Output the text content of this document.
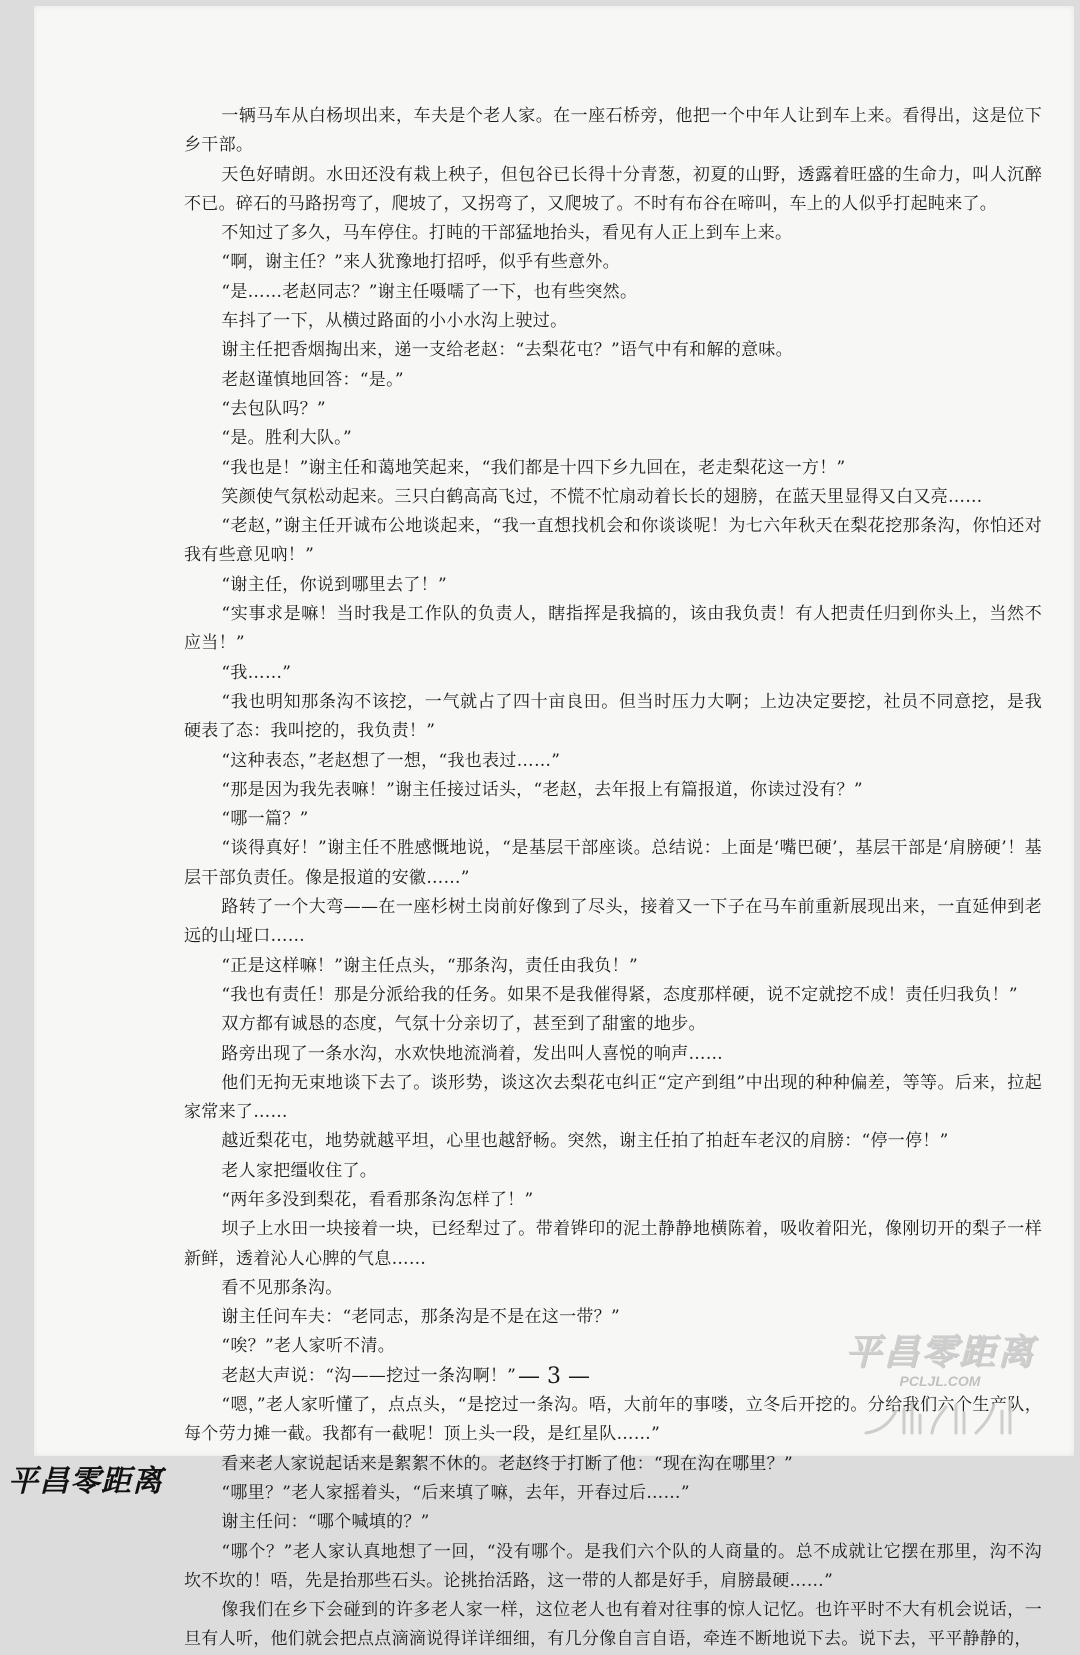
一辆马车从白杨坝出来，车夫是个老人家。在一座石桥旁，他把一个中年人让到车上来。看得出，这是位下乡干部。

天色好晴朗。水田还没有栽上秧子，但包谷已长得十分青葱，初夏的山野，透露着旺盛的生命力，叫人沉醉不已。碎石的马路拐弯了，爬坡了，又拐弯了，又爬坡了。不时有布谷在啼叫，车上的人似乎打起盹来了。

不知过了多久，马车停住。打盹的干部猛地抬头，看见有人正上到车上来。

“啊，谢主任？”来人犹豫地打招呼，似乎有些意外。

“是……老赵同志？”谢主任嗫嚅了一下，也有些突然。

车抖了一下，从横过路面的小小水沟上驶过。

谢主任把香烟掏出来，递一支给老赵：“去梨花屯？”语气中有和解的意味。

老赵谨慎地回答：“是。”

“去包队吗？”

“是。胜利大队。”

“我也是！”谢主任和蔼地笑起来，“我们都是十四下乡九回在，老走梨花这一方！”

笑颜使气氛松动起来。三只白鹤高高飞过，不慌不忙扇动着长长的翅膀，在蓝天里显得又白又亮……

“老赵，”谢主任开诚布公地谈起来，“我一直想找机会和你谈谈呢！为七六年秋天在梨花挖那条沟，你怕还对我有些意见吶！”

“谢主任，你说到哪里去了！”

“实事求是嘛！当时我是工作队的负责人，瞎指挥是我搞的，该由我负责！有人把责任归到你头上，当然不应当！”

“我……”

“我也明知那条沟不该挖，一气就占了四十亩良田。但当时压力大啊；上边决定要挖，社员不同意挖，是我硬表了态：我叫挖的，我负责！”

“这种表态，”老赵想了一想，“我也表过……”

“那是因为我先表嘛！”谢主任接过话头，“老赵，去年报上有篇报道，你读过没有？”

“哪一篇？”

“谈得真好！”谢主任不胜感慨地说，“是基层干部座谈。总结说：上面是‘嘴巴硬’，基层干部是‘肩膀硬’！基层干部负责任。像是报道的安徽……”

路转了一个大弯——在一座杉树土岗前好像到了尽头，接着又一下子在马车前重新展现出来，一直延伸到老远的山垭口……

“正是这样嘛！”谢主任点头，“那条沟，责任由我负！”

“我也有责任！那是分派给我的任务。如果不是我催得紧，态度那样硬，说不定就挖不成！责任归我负！”

双方都有诚恳的态度，气氛十分亲切了，甚至到了甜蜜的地步。

路旁出现了一条水沟，水欢快地流淌着，发出叫人喜悦的响声……

他们无拘无束地谈下去了。谈形势，谈这次去梨花屯纠正“定产到组”中出现的种种偏差，等等。后来，拉起家常来了……

越近梨花屯，地势就越平坦，心里也越舒畅。突然，谢主任拍了拍赶车老汉的肩膀：“停一停！”

老人家把缰收住了。

“两年多没到梨花，看看那条沟怎样了！”

坝子上水田一块接着一块，已经犁过了。带着铧印的泥土静静地横陈着，吸收着阳光，像刚切开的梨子一样新鲜，透着沁人心脾的气息……

看不见那条沟。

谢主任问车夫：“老同志，那条沟是不是在这一带？”

“唉？”老人家听不清。

老赵大声说：“沟——挖过一条沟啊！”

“嗯，”老人家听懂了，点点头，“是挖过一条沟。唔，大前年的事喽，立冬后开挖的。分给我们六个生产队，每个劳力摊一截。我都有一截呢！顶上头一段，是红星队……”

看来老人家说起话来是絮絮不休的。老赵终于打断了他：“现在沟在哪里？”

“哪里？”老人家摇着头，“后来填了嘛，去年，开春过后……”

谢主任问：“哪个喊填的？”

“哪个？”老人家认真地想了一回，“没有哪个。是我们六个队的人商量的。总不成就让它摆在那里，沟不沟坎不坎的！唔，先是抬那些石头。论挑抬活路，这一带的人都是好手，肩膀最硬……”

像我们在乡下会碰到的许多老人家一样，这位老人也有着对往事的惊人记忆。也许平时不大有机会说话，一旦有人听，他们就会把点点滴滴说得详详细细，有几分像自言自语，牵连不断地说下去。说下去，平平静静的，

— 3 —
平昌零距离
PCLJL.COM
平昌零距离
